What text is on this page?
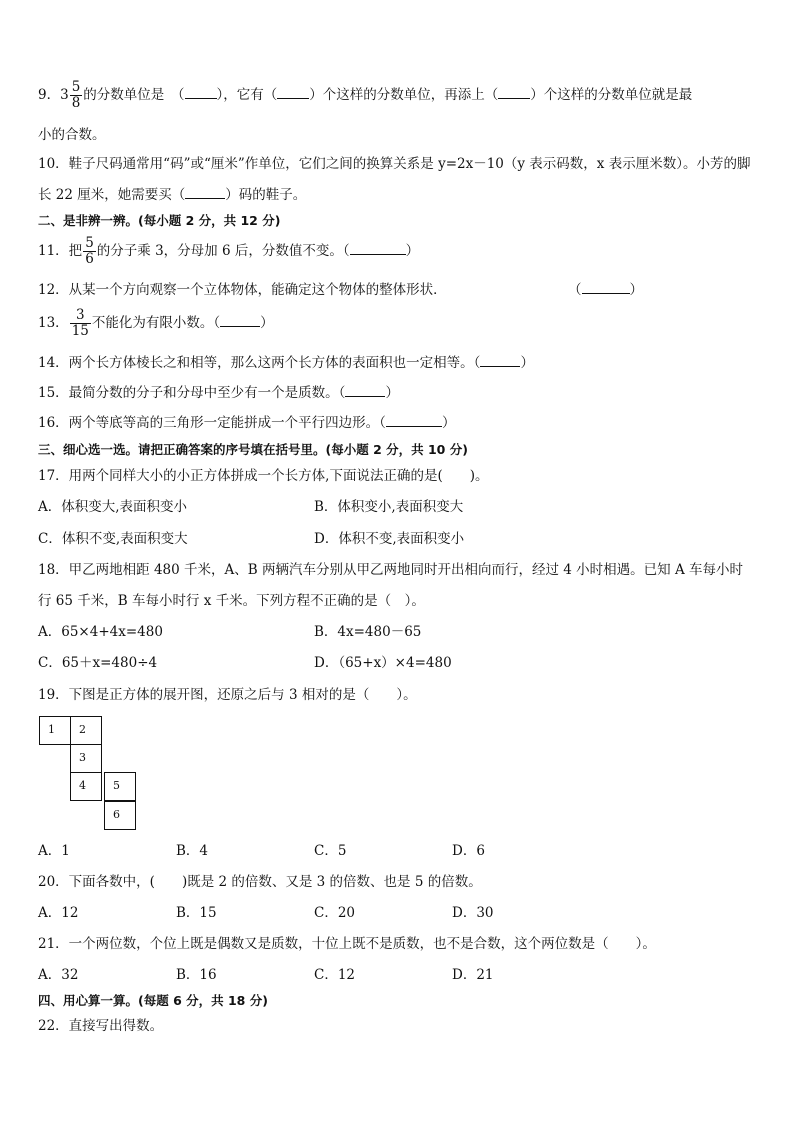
9．$3 \frac{5}{8}$ 的分数单位是　（ ），它有（ ）个这样的分数单位，再添上（ ）个这样的分数单位就是最
小的合数。
10．鞋子尺码通常用“码”或“厘米”作单位，它们之间的换算关系是 y=2x－10（y 表示码数，x 表示厘米数）。小芳的脚
长 22 厘米，她需要买（	）码的鞋子。
二、是非辨一辨。(每小题 2 分，共 12 分)
11．把 $\frac{5}{6}$ 的分子乘 3，分母加 6 后，分数值不变。（	）
12．从某一个方向观察一个立体物体，能确定这个物体的整体形状．	（	）
13． $\frac{3}{15}$ 不能化为有限小数。（	）
14．两个长方体棱长之和相等，那么这两个长方体的表面积也一定相等。（	）
15．最简分数的分子和分母中至少有一个是质数。（	）
16．两个等底等高的三角形一定能拼成一个平行四边形。（	）
三、细心选一选。请把正确答案的序号填在括号里。(每小题 2 分，共 10 分)
17．用两个同样大小的小正方体拼成一个长方体,下面说法正确的是(　　)。
A．体积变大,表面积变小	B．体积变小,表面积变大
C．体积不变,表面积变大	D．体积不变,表面积变小
18．甲乙两地相距 480 千米，A、B 两辆汽车分别从甲乙两地同时开出相向而行，经过 4 小时相遇。已知 A 车每小时
行 65 千米，B 车每小时行 x 千米。下列方程不正确的是（　）。
A．65×4+4x=480	B．4x=480－65
C．65＋x=480÷4	D．（65+x）×4=480
19．下图是正方体的展开图，还原之后与 3 相对的是（　　）。
1	2
3
4	5
6
A．1	B．4	C．5	D．6
20．下面各数中，(　　)既是 2 的倍数、又是 3 的倍数、也是 5 的倍数。
A．12	B．15	C．20	D．30
21．一个两位数，个位上既是偶数又是质数，十位上既不是质数，也不是合数，这个两位数是（　　）。
A．32	B．16	C．12	D．21
四、用心算一算。(每题 6 分，共 18 分)
22．直接写出得数。
